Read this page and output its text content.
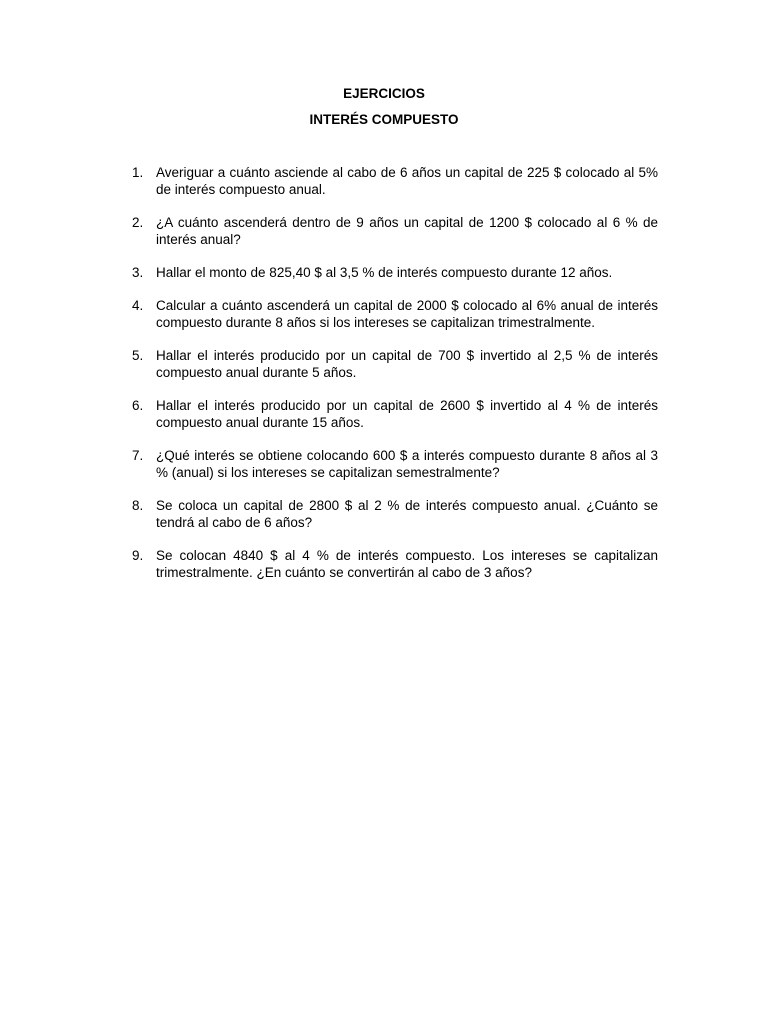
EJERCICIOS
INTERÉS COMPUESTO
1. Averiguar a cuánto asciende al cabo de 6 años un capital de 225 $ colocado al 5% de interés compuesto anual.
2. ¿A cuánto ascenderá dentro de 9 años un capital de 1200 $ colocado al 6 % de interés anual?
3. Hallar el monto de 825,40 $ al 3,5 % de interés compuesto durante 12 años.
4. Calcular a cuánto ascenderá un capital de 2000 $ colocado al 6% anual de interés compuesto durante 8 años si los intereses se capitalizan trimestralmente.
5. Hallar el interés producido por un capital de 700 $ invertido al 2,5 % de interés compuesto anual durante 5 años.
6. Hallar el interés producido por un capital de 2600 $ invertido al 4 % de interés compuesto anual durante 15 años.
7. ¿Qué interés se obtiene colocando 600 $ a interés compuesto durante 8 años al 3 % (anual) si los intereses se capitalizan semestralmente?
8. Se coloca un capital de 2800 $ al 2 % de interés compuesto anual. ¿Cuánto se tendrá al cabo de 6 años?
9. Se colocan 4840 $ al 4 % de interés compuesto. Los intereses se capitalizan trimestralmente. ¿En cuánto se convertirán al cabo de 3 años?
